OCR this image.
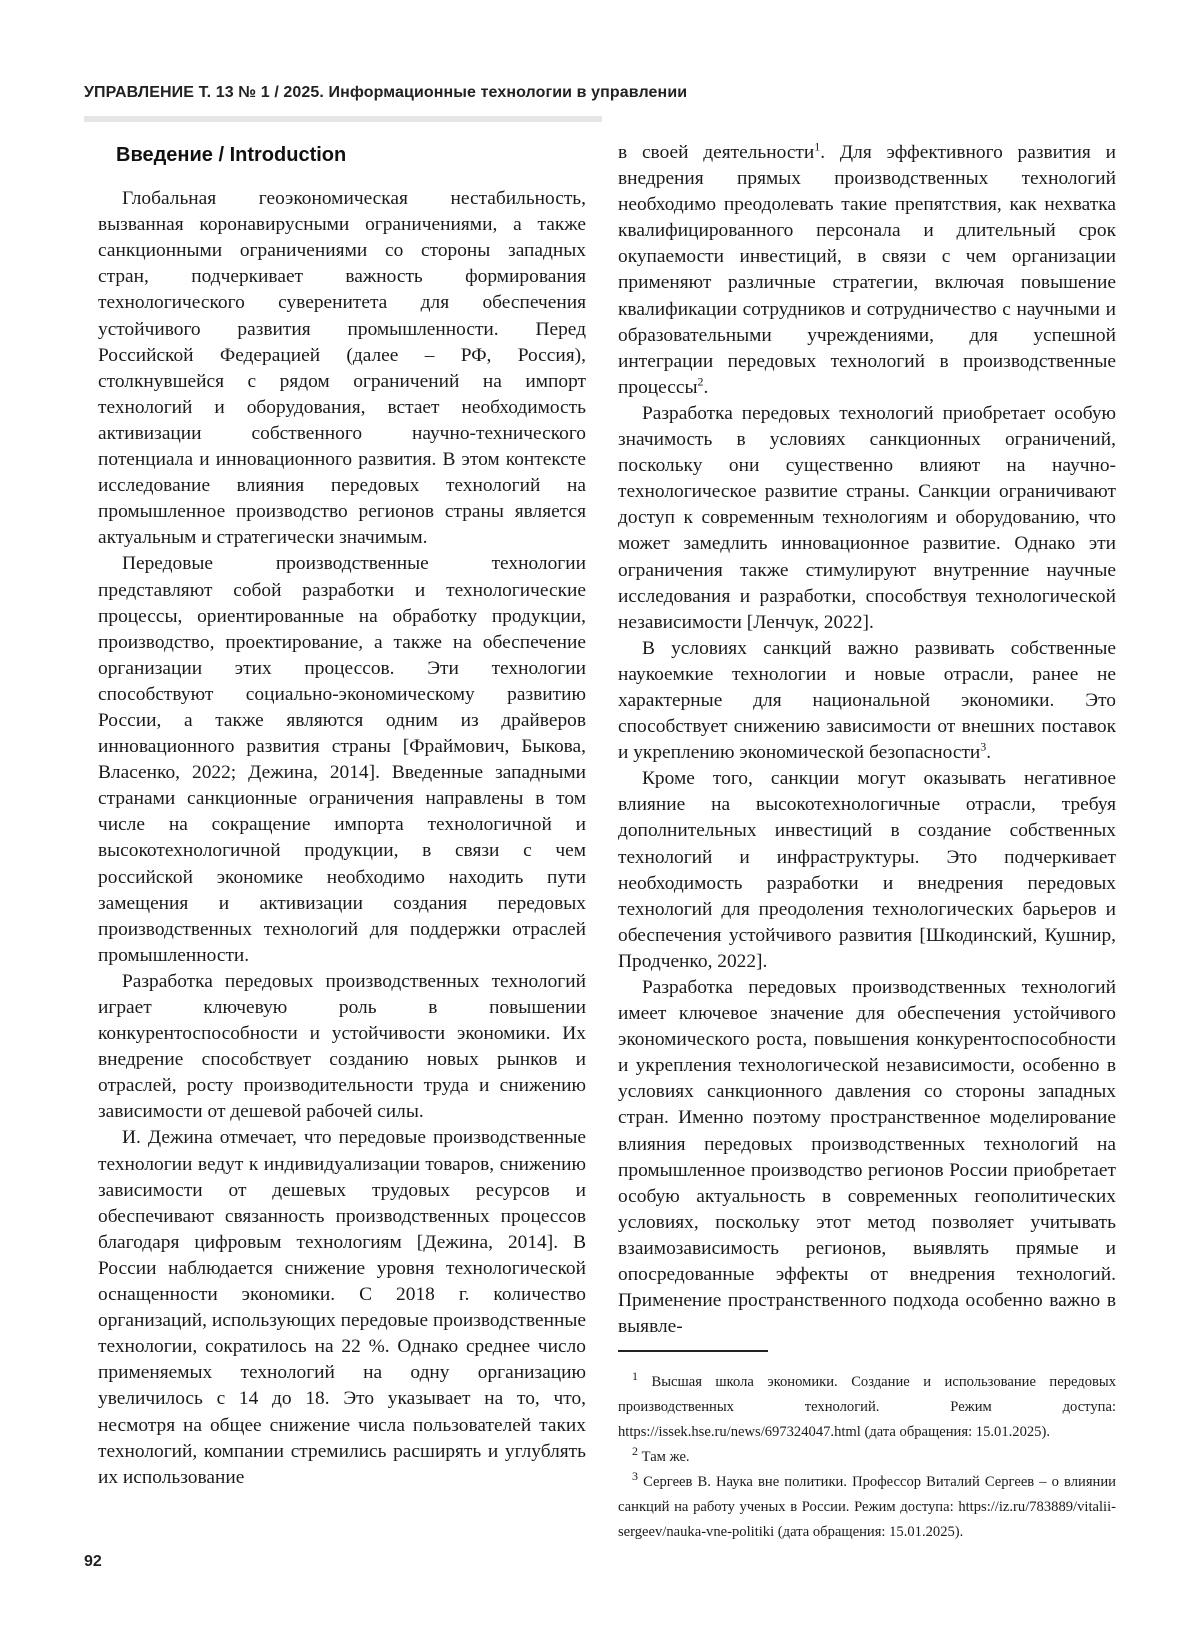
УПРАВЛЕНИЕ Т. 13 № 1 / 2025. Информационные технологии в управлении
Введение / Introduction

Глобальная геоэкономическая нестабильность, вызванная коронавирусными ограничениями, а также санкционными ограничениями со стороны западных стран, подчеркивает важность формирования технологического суверенитета для обеспечения устойчивого развития промышленности. Перед Российской Федерацией (далее – РФ, Россия), столкнувшейся с рядом ограничений на импорт технологий и оборудования, встает необходимость активизации собственного научно-технического потенциала и инновационного развития. В этом контексте исследование влияния передовых технологий на промышленное производство регионов страны является актуальным и стратегически значимым.

Передовые производственные технологии представляют собой разработки и технологические процессы, ориентированные на обработку продукции, производство, проектирование, а также на обеспечение организации этих процессов. Эти технологии способствуют социально-экономическому развитию России, а также являются одним из драйверов инновационного развития страны [Фраймович, Быкова, Власенко, 2022; Дежина, 2014]. Введенные западными странами санкционные ограничения направлены в том числе на сокращение импорта технологичной и высокотехнологичной продукции, в связи с чем российской экономике необходимо находить пути замещения и активизации создания передовых производственных технологий для поддержки отраслей промышленности.

Разработка передовых производственных технологий играет ключевую роль в повышении конкурентоспособности и устойчивости экономики. Их внедрение способствует созданию новых рынков и отраслей, росту производительности труда и снижению зависимости от дешевой рабочей силы.

И. Дежина отмечает, что передовые производственные технологии ведут к индивидуализации товаров, снижению зависимости от дешевых трудовых ресурсов и обеспечивают связанность производственных процессов благодаря цифровым технологиям [Дежина, 2014]. В России наблюдается снижение уровня технологической оснащенности экономики. С 2018 г. количество организаций, использующих передовые производственные технологии, сократилось на 22 %. Однако среднее число применяемых технологий на одну организацию увеличилось с 14 до 18. Это указывает на то, что, несмотря на общее снижение числа пользователей таких технологий, компании стремились расширять и углублять их использование

в своей деятельности$^1$. Для эффективного развития и внедрения прямых производственных технологий необходимо преодолевать такие препятствия, как нехватка квалифицированного персонала и длительный срок окупаемости инвестиций, в связи с чем организации применяют различные стратегии, включая повышение квалификации сотрудников и сотрудничество с научными и образовательными учреждениями, для успешной интеграции передовых технологий в производственные процессы$^2$.

Разработка передовых технологий приобретает особую значимость в условиях санкционных ограничений, поскольку они существенно влияют на научно-технологическое развитие страны. Санкции ограничивают доступ к современным технологиям и оборудованию, что может замедлить инновационное развитие. Однако эти ограничения также стимулируют внутренние научные исследования и разработки, способствуя технологической независимости [Ленчук, 2022].

В условиях санкций важно развивать собственные наукоемкие технологии и новые отрасли, ранее не характерные для национальной экономики. Это способствует снижению зависимости от внешних поставок и укреплению экономической безопасности$^3$.

Кроме того, санкции могут оказывать негативное влияние на высокотехнологичные отрасли, требуя дополнительных инвестиций в создание собственных технологий и инфраструктуры. Это подчеркивает необходимость разработки и внедрения передовых технологий для преодоления технологических барьеров и обеспечения устойчивого развития [Шкодинский, Кушнир, Продченко, 2022].

Разработка передовых производственных технологий имеет ключевое значение для обеспечения устойчивого экономического роста, повышения конкурентоспособности и укрепления технологической независимости, особенно в условиях санкционного давления со стороны западных стран. Именно поэтому пространственное моделирование влияния передовых производственных технологий на промышленное производство регионов России приобретает особую актуальность в современных геополитических условиях, поскольку этот метод позволяет учитывать взаимозависимость регионов, выявлять прямые и опосредованные эффекты от внедрения технологий. Применение пространственного подхода особенно важно в выявле-

$^1$ Высшая школа экономики. Создание и использование передовых производственных технологий. Режим доступа: https://issek.hse.ru/news/697324047.html (дата обращения: 15.01.2025).

$^2$ Там же.

$^3$ Сергеев В. Наука вне политики. Профессор Виталий Сергеев – о влиянии санкций на работу ученых в России. Режим доступа: https://iz.ru/783889/vitalii-sergeev/nauka-vne-politiki (дата обращения: 15.01.2025).

92
